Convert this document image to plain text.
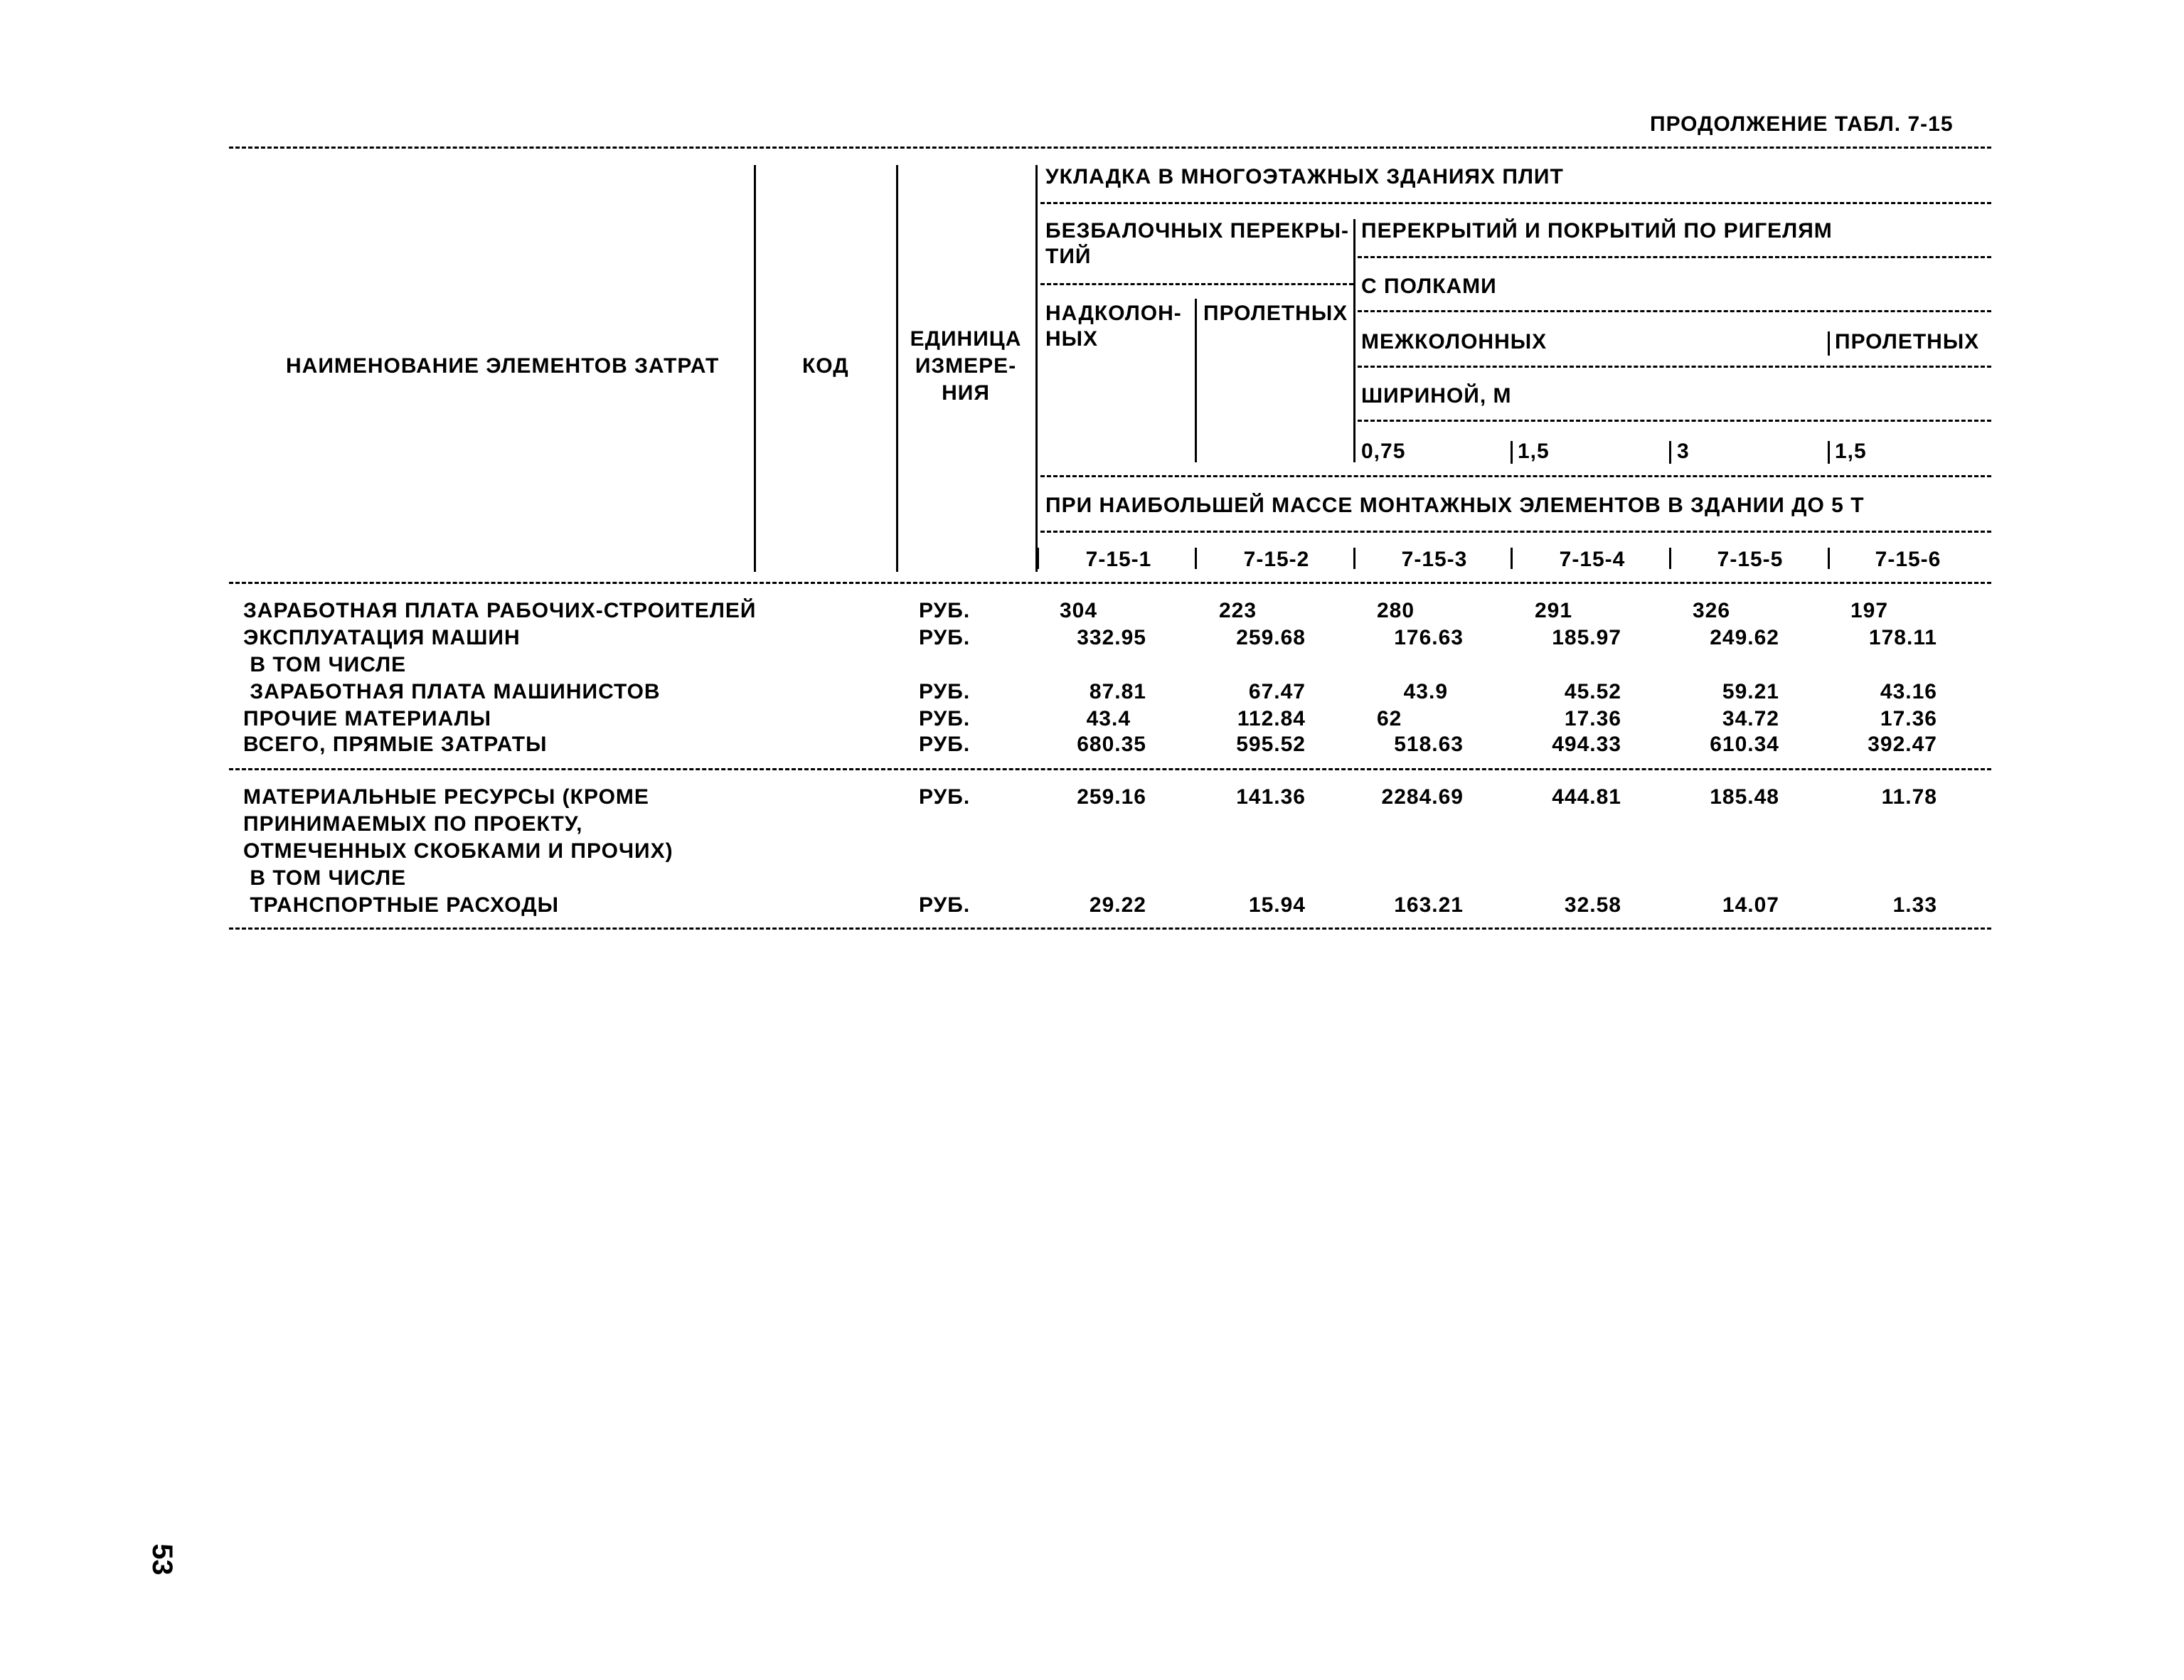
ПРОДОЛЖЕНИЕ ТАБЛ. 7-15
НАИМЕНОВАНИЕ ЭЛЕМЕНТОВ ЗАТРАТ	КОД
ЕДИНИЦА
ИЗМЕРЕ-
НИЯ
УКЛАДКА В МНОГОЭТАЖНЫХ ЗДАНИЯХ ПЛИТ
БЕЗБАЛОЧНЫХ ПЕРЕКРЫ-
ТИЙ
ПЕРЕКРЫТИЙ И ПОКРЫТИЙ ПО РИГЕЛЯМ
С ПОЛКАМИ
НАДКОЛОН-
НЫХ
ПРОЛЕТНЫХ
МЕЖКОЛОННЫХ	ПРОЛЕТНЫХ
ШИРИНОЙ, М
0,75	1,5	3	1,5
ПРИ НАИБОЛЬШЕЙ МАССЕ МОНТАЖНЫХ ЭЛЕМЕНТОВ В ЗДАНИИ ДО 5 Т
7-15-1	7-15-2	7-15-3	7-15-4	7-15-5	7-15-6
ЗАРАБОТНАЯ ПЛАТА РАБОЧИХ-СТРОИТЕЛЕЙ	РУБ.	304	223	280	291	326	197
ЭКСПЛУАТАЦИЯ МАШИН	РУБ.	332.95	259.68	176.63	185.97	249.62	178.11
В ТОМ ЧИСЛЕ
ЗАРАБОТНАЯ ПЛАТА МАШИНИСТОВ	РУБ.	87.81	67.47	43.9	45.52	59.21	43.16
ПРОЧИЕ МАТЕРИАЛЫ	РУБ.	43.4	112.84	62	17.36	34.72	17.36
ВСЕГО, ПРЯМЫЕ ЗАТРАТЫ	РУБ.	680.35	595.52	518.63	494.33	610.34	392.47
МАТЕРИАЛЬНЫЕ РЕСУРСЫ (КРОМЕ	РУБ.	259.16	141.36	2284.69	444.81	185.48	11.78
ПРИНИМАЕМЫХ ПО ПРОЕКТУ,
ОТМЕЧЕННЫХ СКОБКАМИ И ПРОЧИХ)
В ТОМ ЧИСЛЕ
ТРАНСПОРТНЫЕ РАСХОДЫ	РУБ.	29.22	15.94	163.21	32.58	14.07	1.33
53
